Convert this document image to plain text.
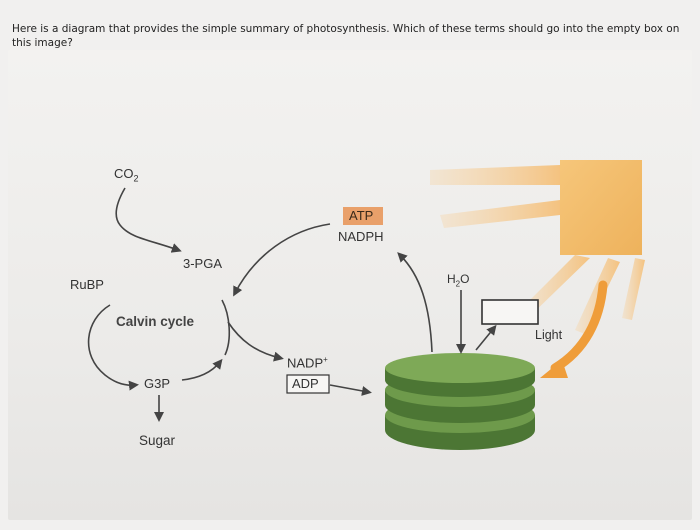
Here is a diagram that provides the simple summary of photosynthesis. Which of these terms should go into the empty box on this image?
$CO_2$
RuBP
3-PGA
Calvin cycle
G3P
Sugar
ATP
NADPH
NADP+
ADP
$H_2O$
Light
